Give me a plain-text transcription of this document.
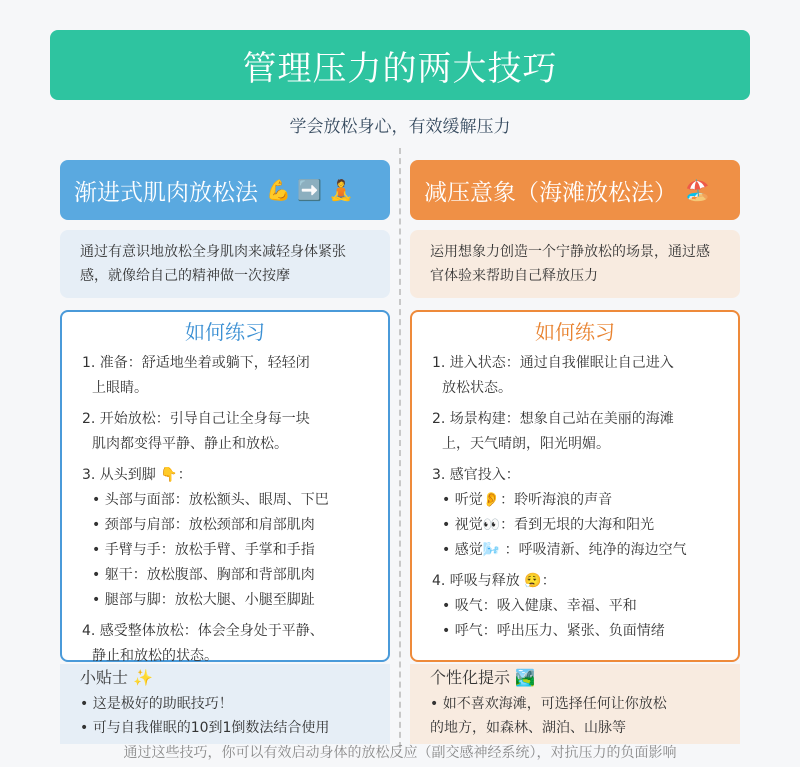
管理压力的两大技巧
学会放松身心，有效缓解压力
渐进式肌肉放松法 💪 ➡️ 🧘
通过有意识地放松全身肌肉来减轻身体紧张感，就像给自己的精神做一次按摩
如何练习
1. 准备：舒适地坐着或躺下，轻轻闭
上眼睛。
2. 开始放松：引导自己让全身每一块
肌肉都变得平静、静止和放松。
3. 从头到脚 👇：
• 头部与面部：放松额头、眼周、下巴
• 颈部与肩部：放松颈部和肩部肌肉
• 手臂与手：放松手臂、手掌和手指
• 躯干：放松腹部、胸部和背部肌肉
• 腿部与脚：放松大腿、小腿至脚趾
4. 感受整体放松：体会全身处于平静、
静止和放松的状态。
小贴士 ✨
• 这是极好的助眠技巧！
• 可与自我催眠的10到1倒数法结合使用
减压意象（海滩放松法） 🏖️
运用想象力创造一个宁静放松的场景，通过感官体验来帮助自己释放压力
如何练习
1. 进入状态：通过自我催眠让自己进入
放松状态。
2. 场景构建：想象自己站在美丽的海滩
上，天气晴朗，阳光明媚。
3. 感官投入：
• 听觉👂：聆听海浪的声音
• 视觉👀：看到无垠的大海和阳光
• 感觉🌬️ ：呼吸清新、纯净的海边空气
4. 呼吸与释放 😮‍💨：
• 吸气：吸入健康、幸福、平和
• 呼气：呼出压力、紧张、负面情绪
个性化提示 🏞️
• 如不喜欢海滩，可选择任何让你放松
的地方，如森林、湖泊、山脉等
通过这些技巧，你可以有效启动身体的放松反应（副交感神经系统），对抗压力的负面影响
